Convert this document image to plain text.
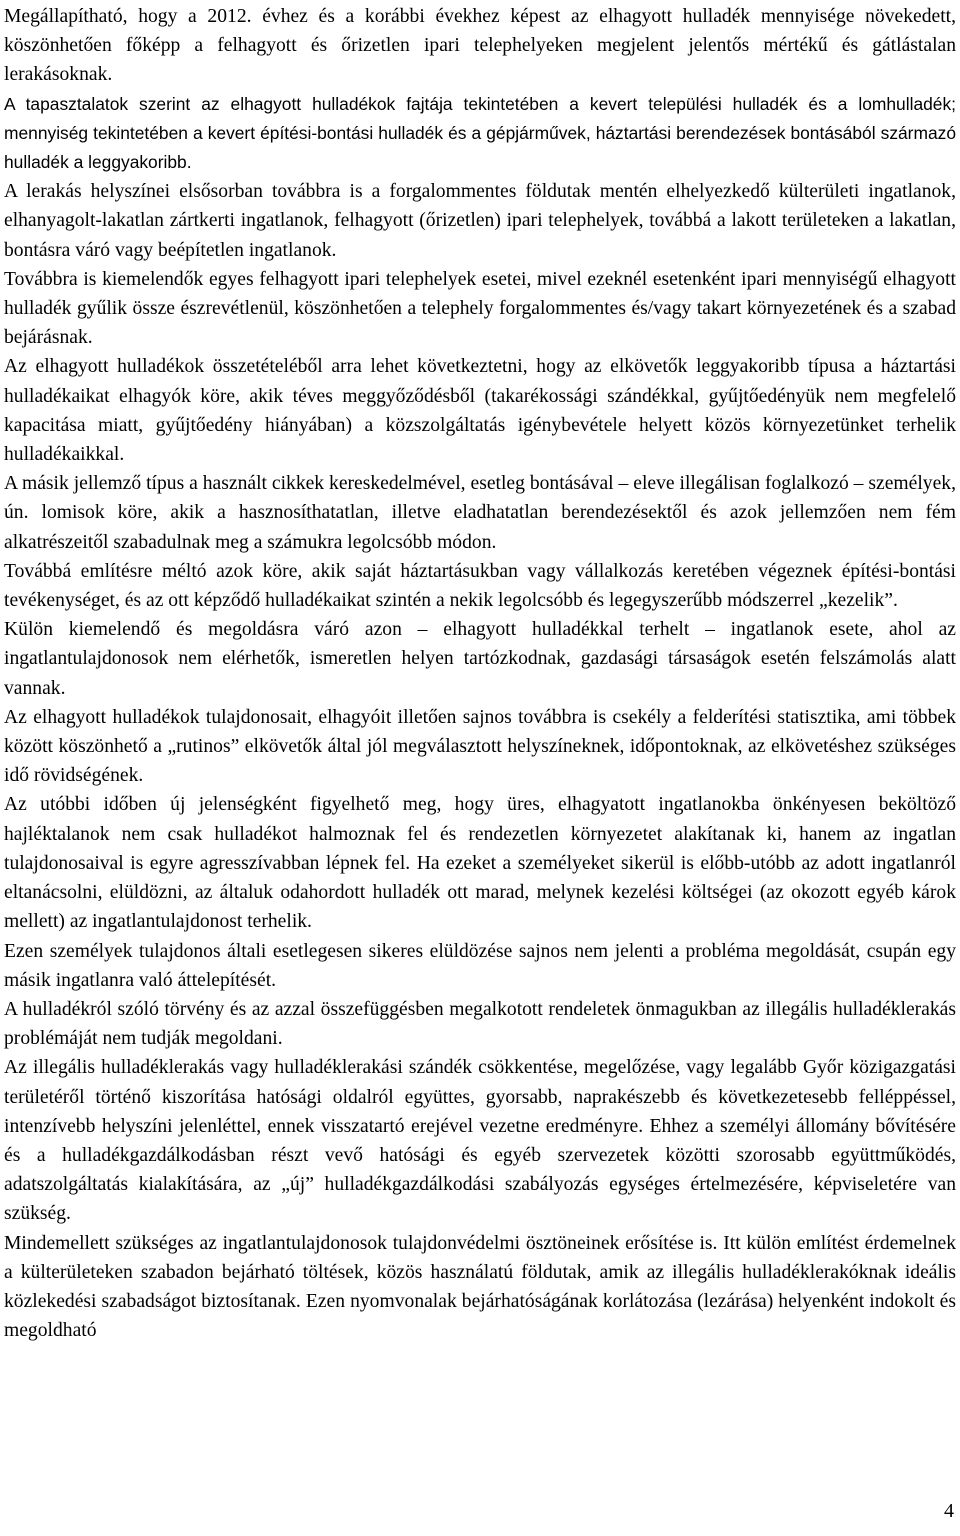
Megállapítható, hogy a 2012. évhez és a korábbi évekhez képest az elhagyott hulladék mennyisége növekedett, köszönhetően főképp a felhagyott és őrizetlen ipari telephelyeken megjelent jelentős mértékű és gátlástalan lerakásoknak.

A tapasztalatok szerint az elhagyott hulladékok fajtája tekintetében a kevert települési hulladék és a lomhulladék; mennyiség tekintetében a kevert építési-bontási hulladék és a gépjárművek, háztartási berendezések bontásából származó hulladék a leggyakoribb.

A lerakás helyszínei elsősorban továbbra is a forgalommentes földutak mentén elhelyezkedő külterületi ingatlanok, elhanyagolt-lakatlan zártkerti ingatlanok, felhagyott (őrizetlen) ipari telephelyek, továbbá a lakott területeken a lakatlan, bontásra váró vagy beépítetlen ingatlanok.

Továbbra is kiemelendők egyes felhagyott ipari telephelyek esetei, mivel ezeknél esetenként ipari mennyiségű elhagyott hulladék gyűlik össze észrevétlenül, köszönhetően a telephely forgalommentes és/vagy takart környezetének és a szabad bejárásnak.

Az elhagyott hulladékok összetételéből arra lehet következtetni, hogy az elkövetők leggyakoribb típusa a háztartási hulladékaikat elhagyók köre, akik téves meggyőződésből (takarékossági szándékkal, gyűjtőedényük nem megfelelő kapacitása miatt, gyűjtőedény hiányában) a közszolgáltatás igénybevétele helyett közös környezetünket terhelik hulladékaikkal.

A másik jellemző típus a használt cikkek kereskedelmével, esetleg bontásával – eleve illegálisan foglalkozó – személyek, ún. lomisok köre, akik a hasznosíthatatlan, illetve eladhatatlan berendezésektől és azok jellemzően nem fém alkatrészeitől szabadulnak meg a számukra legolcsóbb módon.

Továbbá említésre méltó azok köre, akik saját háztartásukban vagy vállalkozás keretében végeznek építési-bontási tevékenységet, és az ott képződő hulladékaikat szintén a nekik legolcsóbb és legegyszerűbb módszerrel „kezelik”.

Külön kiemelendő és megoldásra váró azon – elhagyott hulladékkal terhelt – ingatlanok esete, ahol az ingatlantulajdonosok nem elérhetők, ismeretlen helyen tartózkodnak, gazdasági társaságok esetén felszámolás alatt vannak.

Az elhagyott hulladékok tulajdonosait, elhagyóit illetően sajnos továbbra is csekély a felderítési statisztika, ami többek között köszönhető a „rutinos” elkövetők által jól megválasztott helyszíneknek, időpontoknak, az elkövetéshez szükséges idő rövidségének.

Az utóbbi időben új jelenségként figyelhető meg, hogy üres, elhagyatott ingatlanokba önkényesen beköltöző hajléktalanok nem csak hulladékot halmoznak fel és rendezetlen környezetet alakítanak ki, hanem az ingatlan tulajdonosaival is egyre agresszívabban lépnek fel. Ha ezeket a személyeket sikerül is előbb-utóbb az adott ingatlanról eltanácsolni, elüldözni, az általuk odahordott hulladék ott marad, melynek kezelési költségei (az okozott egyéb károk mellett) az ingatlantulajdonost terhelik.

Ezen személyek tulajdonos általi esetlegesen sikeres elüldözése sajnos nem jelenti a probléma megoldását, csupán egy másik ingatlanra való áttelepítését.

A hulladékról szóló törvény és az azzal összefüggésben megalkotott rendeletek önmagukban az illegális hulladéklerakás problémáját nem tudják megoldani.

Az illegális hulladéklerakás vagy hulladéklerakási szándék csökkentése, megelőzése, vagy legalább Győr közigazgatási területéről történő kiszorítása hatósági oldalról együttes, gyorsabb, naprakészebb és következetesebb felléppéssel, intenzívebb helyszíni jelenléttel, ennek visszatartó erejével vezetne eredményre. Ehhez a személyi állomány bővítésére és a hulladékgazdálkodásban részt vevő hatósági és egyéb szervezetek közötti szorosabb együttműködés, adatszolgáltatás kialakítására, az „új” hulladékgazdálkodási szabályozás egységes értelmezésére, képviseletére van szükség.

Mindemellett szükséges az ingatlantulajdonosok tulajdonvédelmi ösztöneinek erősítése is. Itt külön említést érdemelnek a külterületeken szabadon bejárható töltések, közös használatú földutak, amik az illegális hulladéklerakóknak ideális közlekedési szabadságot biztosítanak. Ezen nyomvonalak bejárhatóságának korlátozása (lezárása) helyenként indokolt és megoldható

4
